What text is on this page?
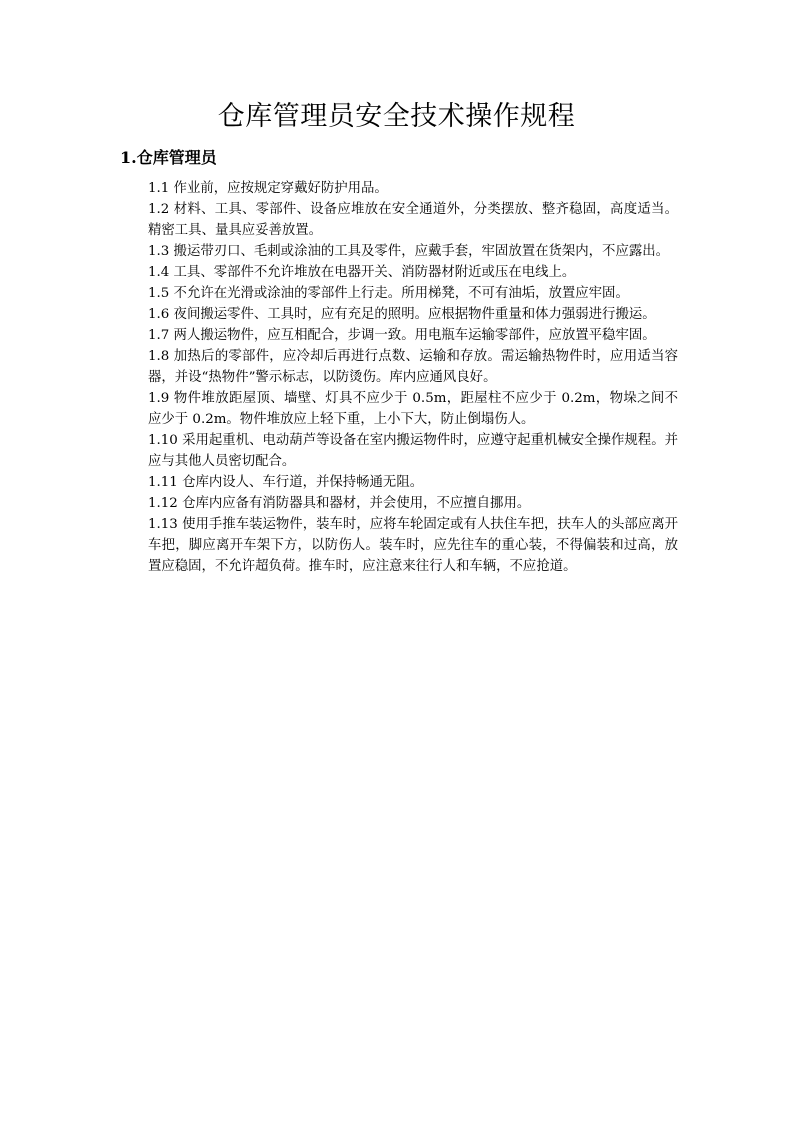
仓库管理员安全技术操作规程
1.仓库管理员
1.1 作业前，应按规定穿戴好防护用品。
1.2 材料、工具、零部件、设备应堆放在安全通道外，分类摆放、整齐稳固，高度适当。精密工具、量具应妥善放置。
1.3 搬运带刃口、毛刺或涂油的工具及零件，应戴手套，牢固放置在货架内，不应露出。
1.4 工具、零部件不允许堆放在电器开关、消防器材附近或压在电线上。
1.5 不允许在光滑或涂油的零部件上行走。所用梯凳，不可有油垢，放置应牢固。
1.6 夜间搬运零件、工具时，应有充足的照明。应根据物件重量和体力强弱进行搬运。
1.7 两人搬运物件，应互相配合，步调一致。用电瓶车运输零部件，应放置平稳牢固。
1.8 加热后的零部件，应冷却后再进行点数、运输和存放。需运输热物件时，应用适当容器，并设“热物件”警示标志，以防烫伤。库内应通风良好。
1.9 物件堆放距屋顶、墙壁、灯具不应少于 0.5m，距屋柱不应少于 0.2m，物垛之间不应少于 0.2m。物件堆放应上轻下重，上小下大，防止倒塌伤人。
1.10 采用起重机、电动葫芦等设备在室内搬运物件时，应遵守起重机械安全操作规程。并应与其他人员密切配合。
1.11 仓库内设人、车行道，并保持畅通无阻。
1.12 仓库内应备有消防器具和器材，并会使用，不应擅自挪用。
1.13 使用手推车装运物件，装车时，应将车轮固定或有人扶住车把，扶车人的头部应离开车把，脚应离开车架下方，以防伤人。装车时，应先往车的重心装，不得偏装和过高，放置应稳固，不允许超负荷。推车时，应注意来往行人和车辆，不应抢道。
